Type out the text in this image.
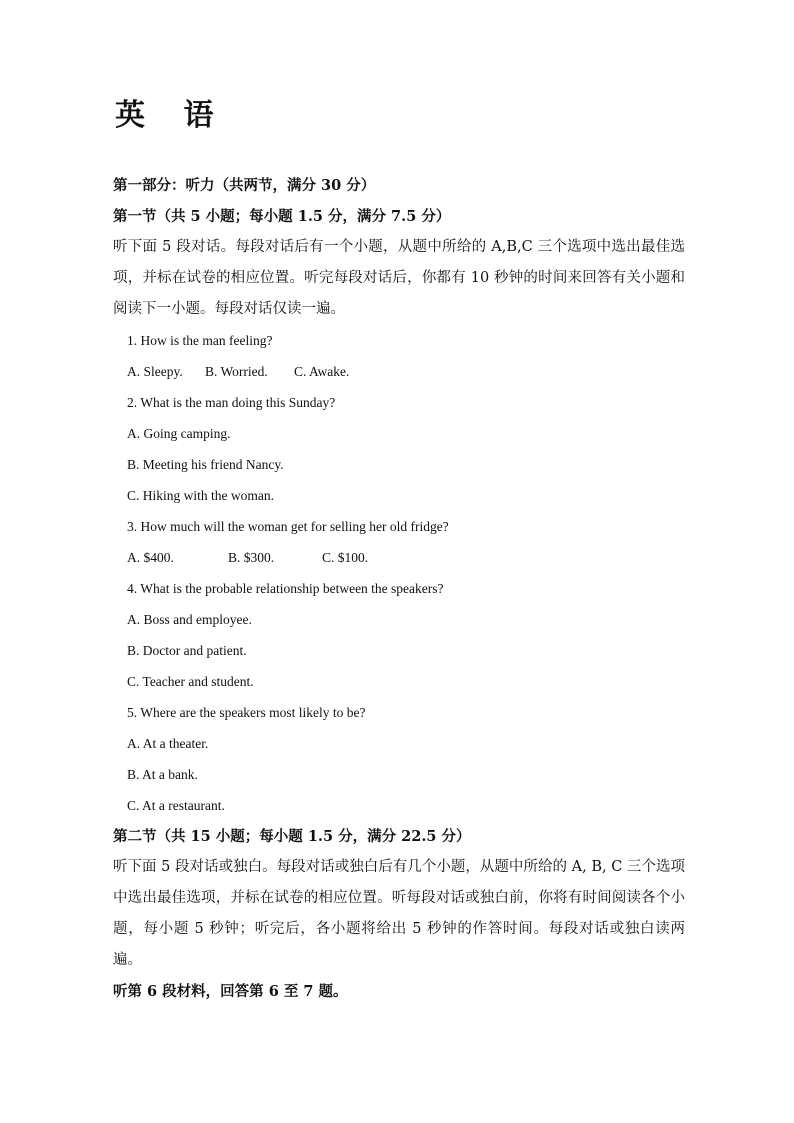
英 语
第一部分：听力（共两节，满分 30 分）
第一节（共 5 小题；每小题 1.5 分，满分 7.5 分）

听下面 5 段对话。每段对话后有一个小题，从题中所给的 A,B,C 三个选项中选出最佳选项，并标在试卷的相应位置。听完每段对话后，你都有 10 秒钟的时间来回答有关小题和阅读下一小题。每段对话仅读一遍。

1. How is the man feeling?
A. Sleepy.	B. Worried.	C. Awake.
2. What is the man doing this Sunday?
A. Going camping.
B. Meeting his friend Nancy.
C. Hiking with the woman.
3. How much will the woman get for selling her old fridge?
A. $400.	B. $300.	C. $100.
4. What is the probable relationship between the speakers?
A. Boss and employee.
B. Doctor and patient.
C. Teacher and student.
5. Where are the speakers most likely to be?
A. At a theater.
B. At a bank.
C. At a restaurant.
第二节（共 15 小题；每小题 1.5 分，满分 22.5 分）

听下面 5 段对话或独白。每段对话或独白后有几个小题，从题中所给的 A, B, C 三个选项中选出最佳选项，并标在试卷的相应位置。听每段对话或独白前，你将有时间阅读各个小题，每小题 5 秒钟；听完后，各小题将给出 5 秒钟的作答时间。每段对话或独白读两遍。

听第 6 段材料，回答第 6 至 7 题。
